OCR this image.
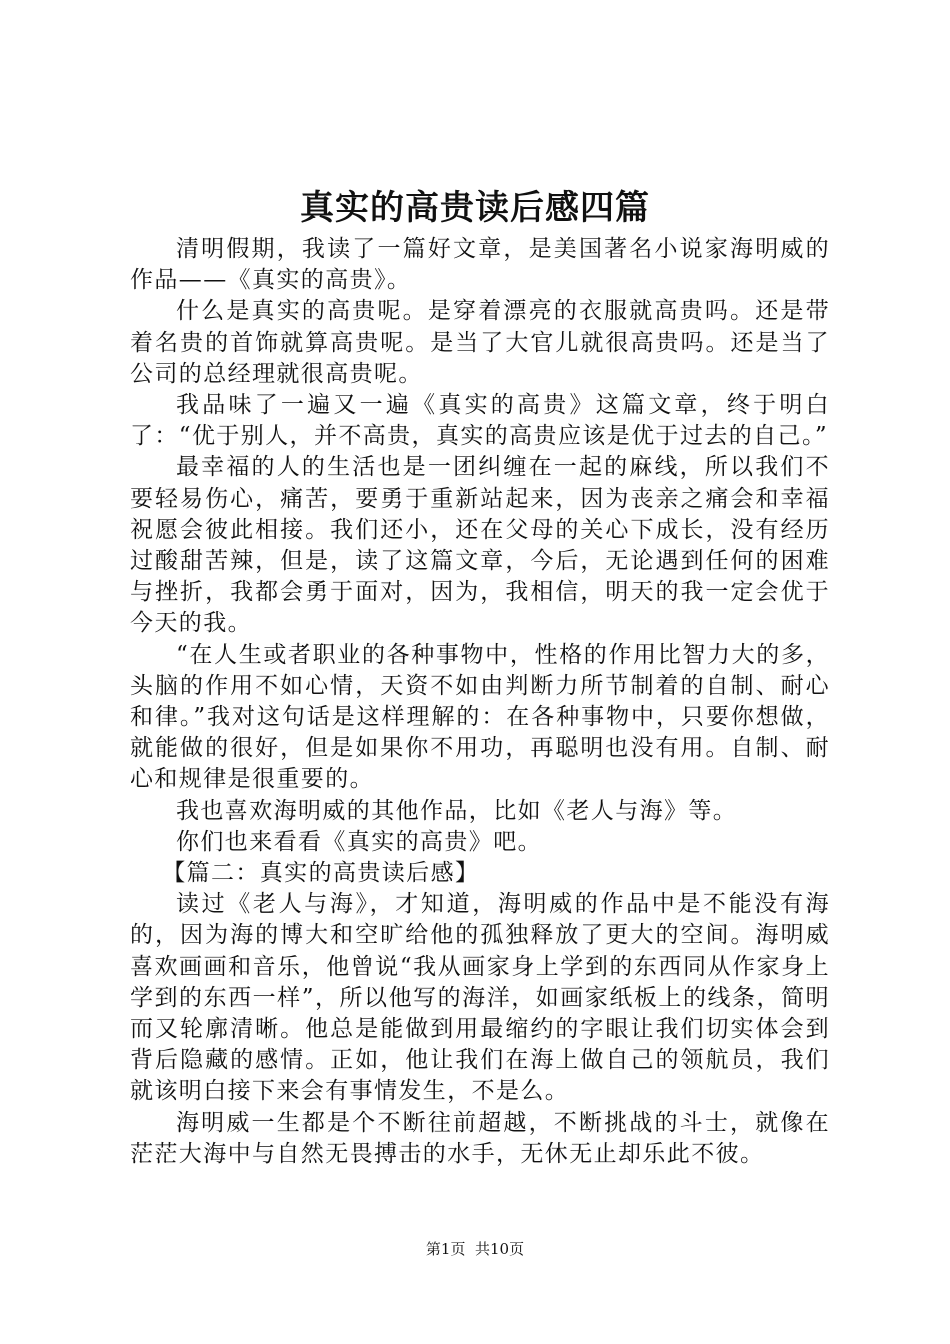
真实的高贵读后感四篇

清明假期，我读了一篇好文章，是美国著名小说家海明威的作品——《真实的高贵》。

什么是真实的高贵呢。是穿着漂亮的衣服就高贵吗。还是带着名贵的首饰就算高贵呢。是当了大官儿就很高贵吗。还是当了公司的总经理就很高贵呢。

我品味了一遍又一遍《真实的高贵》这篇文章，终于明白了：“优于别人，并不高贵，真实的高贵应该是优于过去的自己。”

最幸福的人的生活也是一团纠缠在一起的麻线，所以我们不要轻易伤心，痛苦，要勇于重新站起来，因为丧亲之痛会和幸福祝愿会彼此相接。我们还小，还在父母的关心下成长，没有经历过酸甜苦辣，但是，读了这篇文章，今后，无论遇到任何的困难与挫折，我都会勇于面对，因为，我相信，明天的我一定会优于今天的我。

“在人生或者职业的各种事物中，性格的作用比智力大的多，头脑的作用不如心情，天资不如由判断力所节制着的自制、耐心和律。”我对这句话是这样理解的：在各种事物中，只要你想做，就能做的很好，但是如果你不用功，再聪明也没有用。自制、耐心和规律是很重要的。

我也喜欢海明威的其他作品，比如《老人与海》等。

你们也来看看《真实的高贵》吧。

【篇二：真实的高贵读后感】

读过《老人与海》，才知道，海明威的作品中是不能没有海的，因为海的博大和空旷给他的孤独释放了更大的空间。海明威喜欢画画和音乐，他曾说“我从画家身上学到的东西同从作家身上学到的东西一样”，所以他写的海洋，如画家纸板上的线条，简明而又轮廓清晰。他总是能做到用最缩约的字眼让我们切实体会到背后隐藏的感情。正如，他让我们在海上做自己的领航员，我们就该明白接下来会有事情发生，不是么。

海明威一生都是个不断往前超越，不断挑战的斗士，就像在茫茫大海中与自然无畏搏击的水手，无休无止却乐此不彼。

第1页  共10页
